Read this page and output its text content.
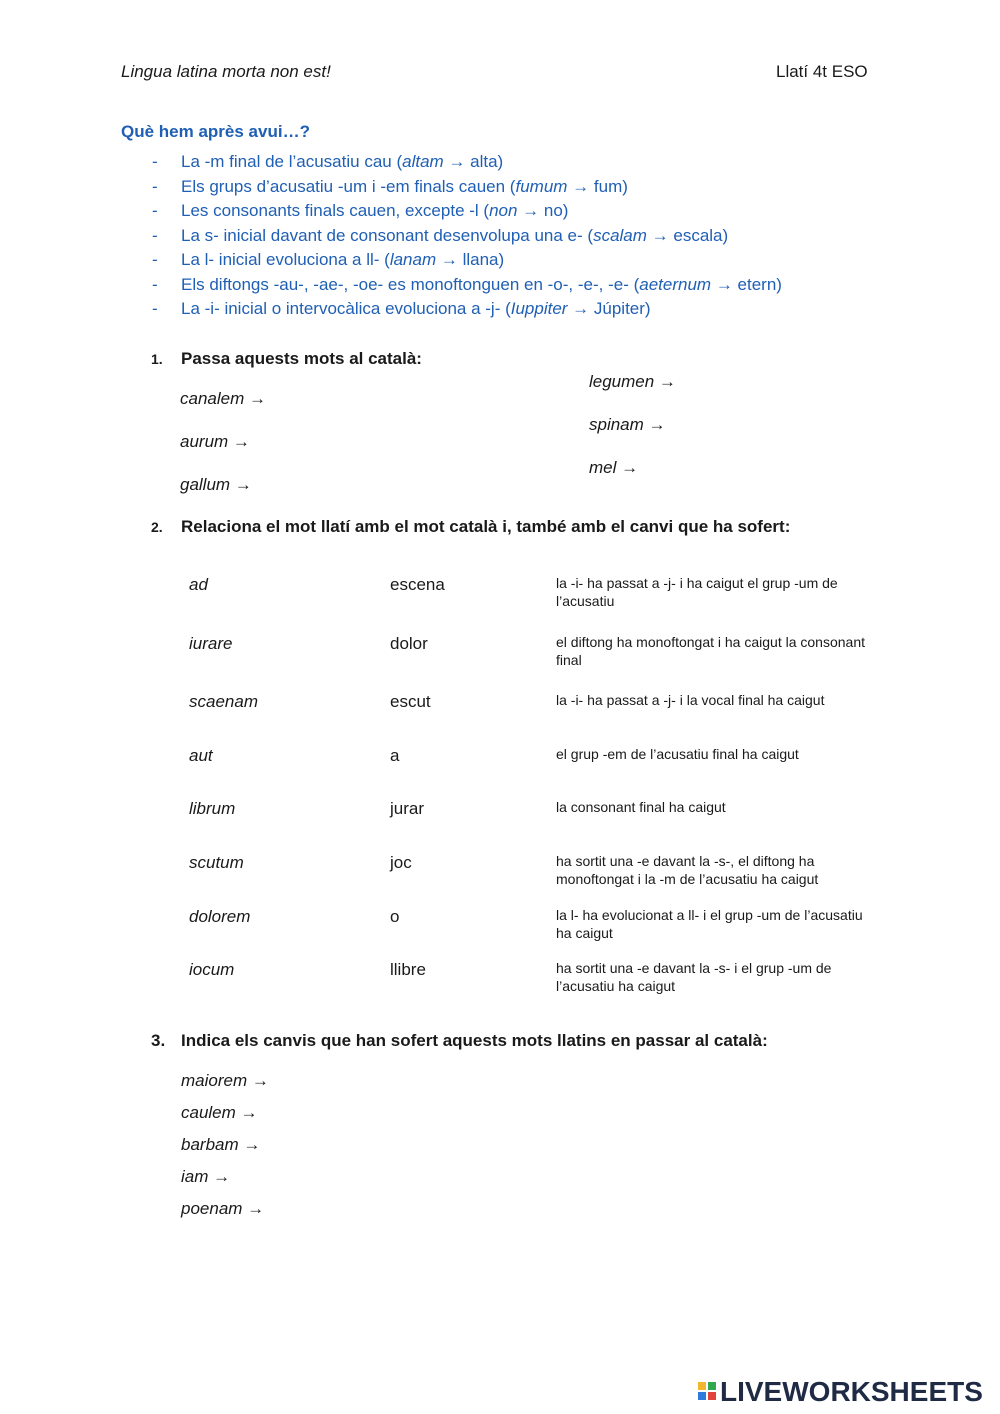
Lingua latina morta non est!	Llatí 4t ESO
Què hem après avui…?
- La -m final de l’acusatiu cau (altam → alta)
- Els grups d’acusatiu -um i -em finals cauen (fumum → fum)
- Les consonants finals cauen, excepte -l (non → no)
- La s- inicial davant de consonant desenvolupa una e- (scalam → escala)
- La l- inicial evoluciona a ll- (lanam → llana)
- Els diftongs -au-, -ae-, -oe- es monoftonguen en -o-, -e-, -e- (aeternum → etern)
- La -i- inicial o intervocàlica evoluciona a -j- (Iuppiter → Júpiter)
1. Passa aquests mots al català:
canalem →
aurum →
gallum →
legumen →
spinam →
mel →
2. Relaciona el mot llatí amb el mot català i, també amb el canvi que ha sofert:
ad	escena	la -i- ha passat a -j- i ha caigut el grup -um de l’acusatiu
iurare	dolor	el diftong ha monoftongat i ha caigut la consonant final
scaenam	escut	la -i- ha passat a -j- i la vocal final ha caigut
aut	a	el grup -em de l’acusatiu final ha caigut
librum	jurar	la consonant final ha caigut
scutum	joc	ha sortit una -e davant la -s-, el diftong ha monoftongat i la -m de l’acusatiu ha caigut
dolorem	o	la l- ha evolucionat a ll- i el grup -um de l’acusatiu ha caigut
iocum	llibre	ha sortit una -e davant la -s- i el grup -um de l’acusatiu ha caigut
3. Indica els canvis que han sofert aquests mots llatins en passar al català:
maiorem →
caulem →
barbam →
iam →
poenam →
LIVEWORKSHEETS
